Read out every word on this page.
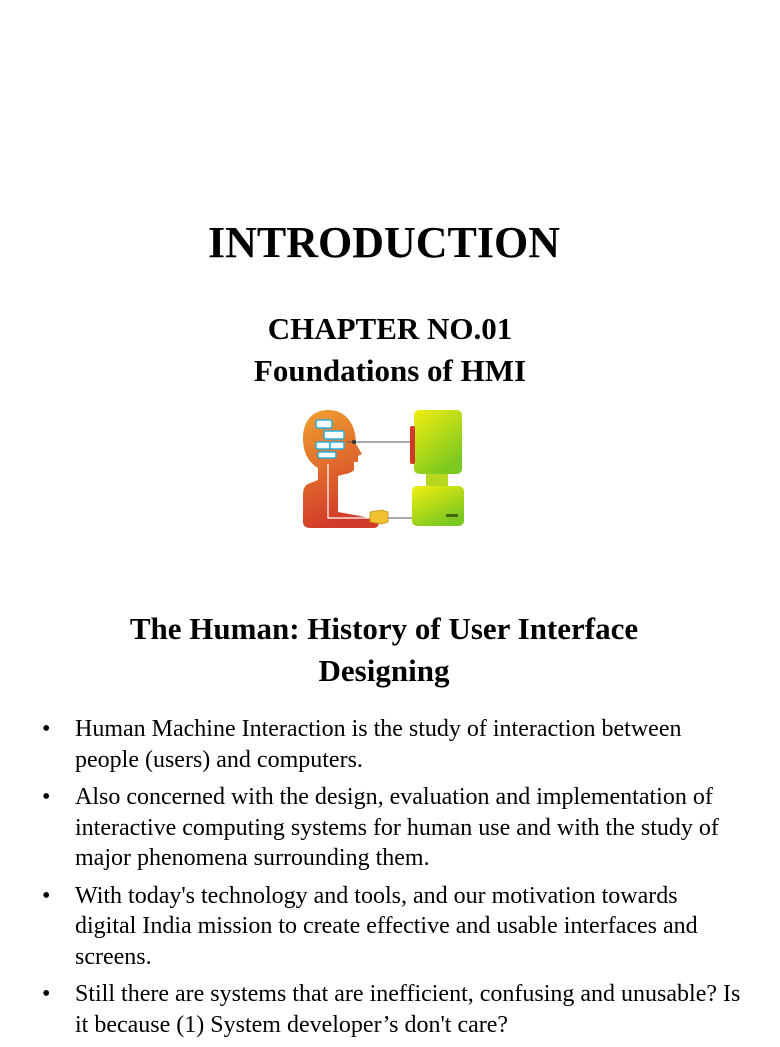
INTRODUCTION
CHAPTER NO.01
Foundations of HMI
The Human: History of User Interface
Designing
• Human Machine Interaction is the study of interaction between people (users) and computers.
• Also concerned with the design, evaluation and implementation of interactive computing systems for human use and with the study of major phenomena surrounding them.
• With today's technology and tools, and our motivation towards digital India mission to create effective and usable interfaces and screens.
• Still there are systems that are inefficient, confusing and unusable? Is it because (1) System developer’s don't care?
